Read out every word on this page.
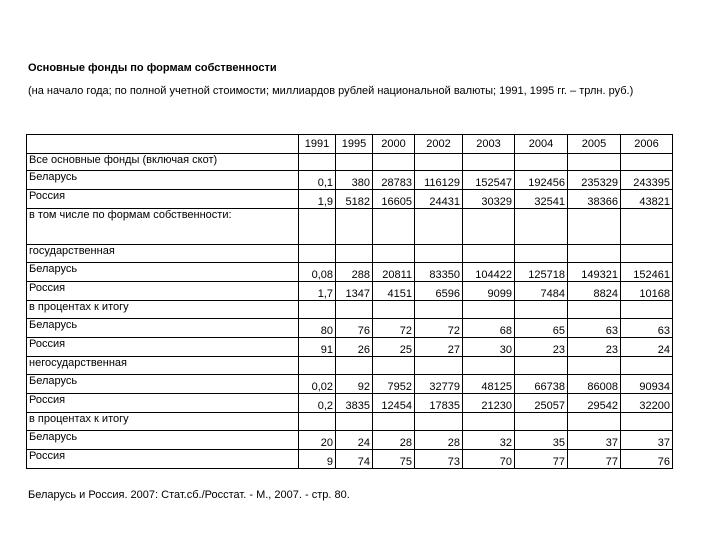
Основные фонды по формам собственности
(на начало года; по полной учетной стоимости; миллиардов рублей национальной валюты; 1991, 1995 гг. – трлн. руб.)
	1991	1995	2000	2002	2003	2004	2005	2006
Все основные фонды (включая скот)								
Беларусь	0,1	380	28783	116129	152547	192456	235329	243395
Россия	1,9	5182	16605	24431	30329	32541	38366	43821
в том числе по формам собственности:								
государственная								
Беларусь	0,08	288	20811	83350	104422	125718	149321	152461
Россия	1,7	1347	4151	6596	9099	7484	8824	10168
в процентах к итогу								
Беларусь	80	76	72	72	68	65	63	63
Россия	91	26	25	27	30	23	23	24
негосударственная								
Беларусь	0,02	92	7952	32779	48125	66738	86008	90934
Россия	0,2	3835	12454	17835	21230	25057	29542	32200
в процентах к итогу								
Беларусь	20	24	28	28	32	35	37	37
Россия	9	74	75	73	70	77	77	76
Беларусь и Россия. 2007: Стат.сб./Росстат. - М., 2007. - стр. 80.
